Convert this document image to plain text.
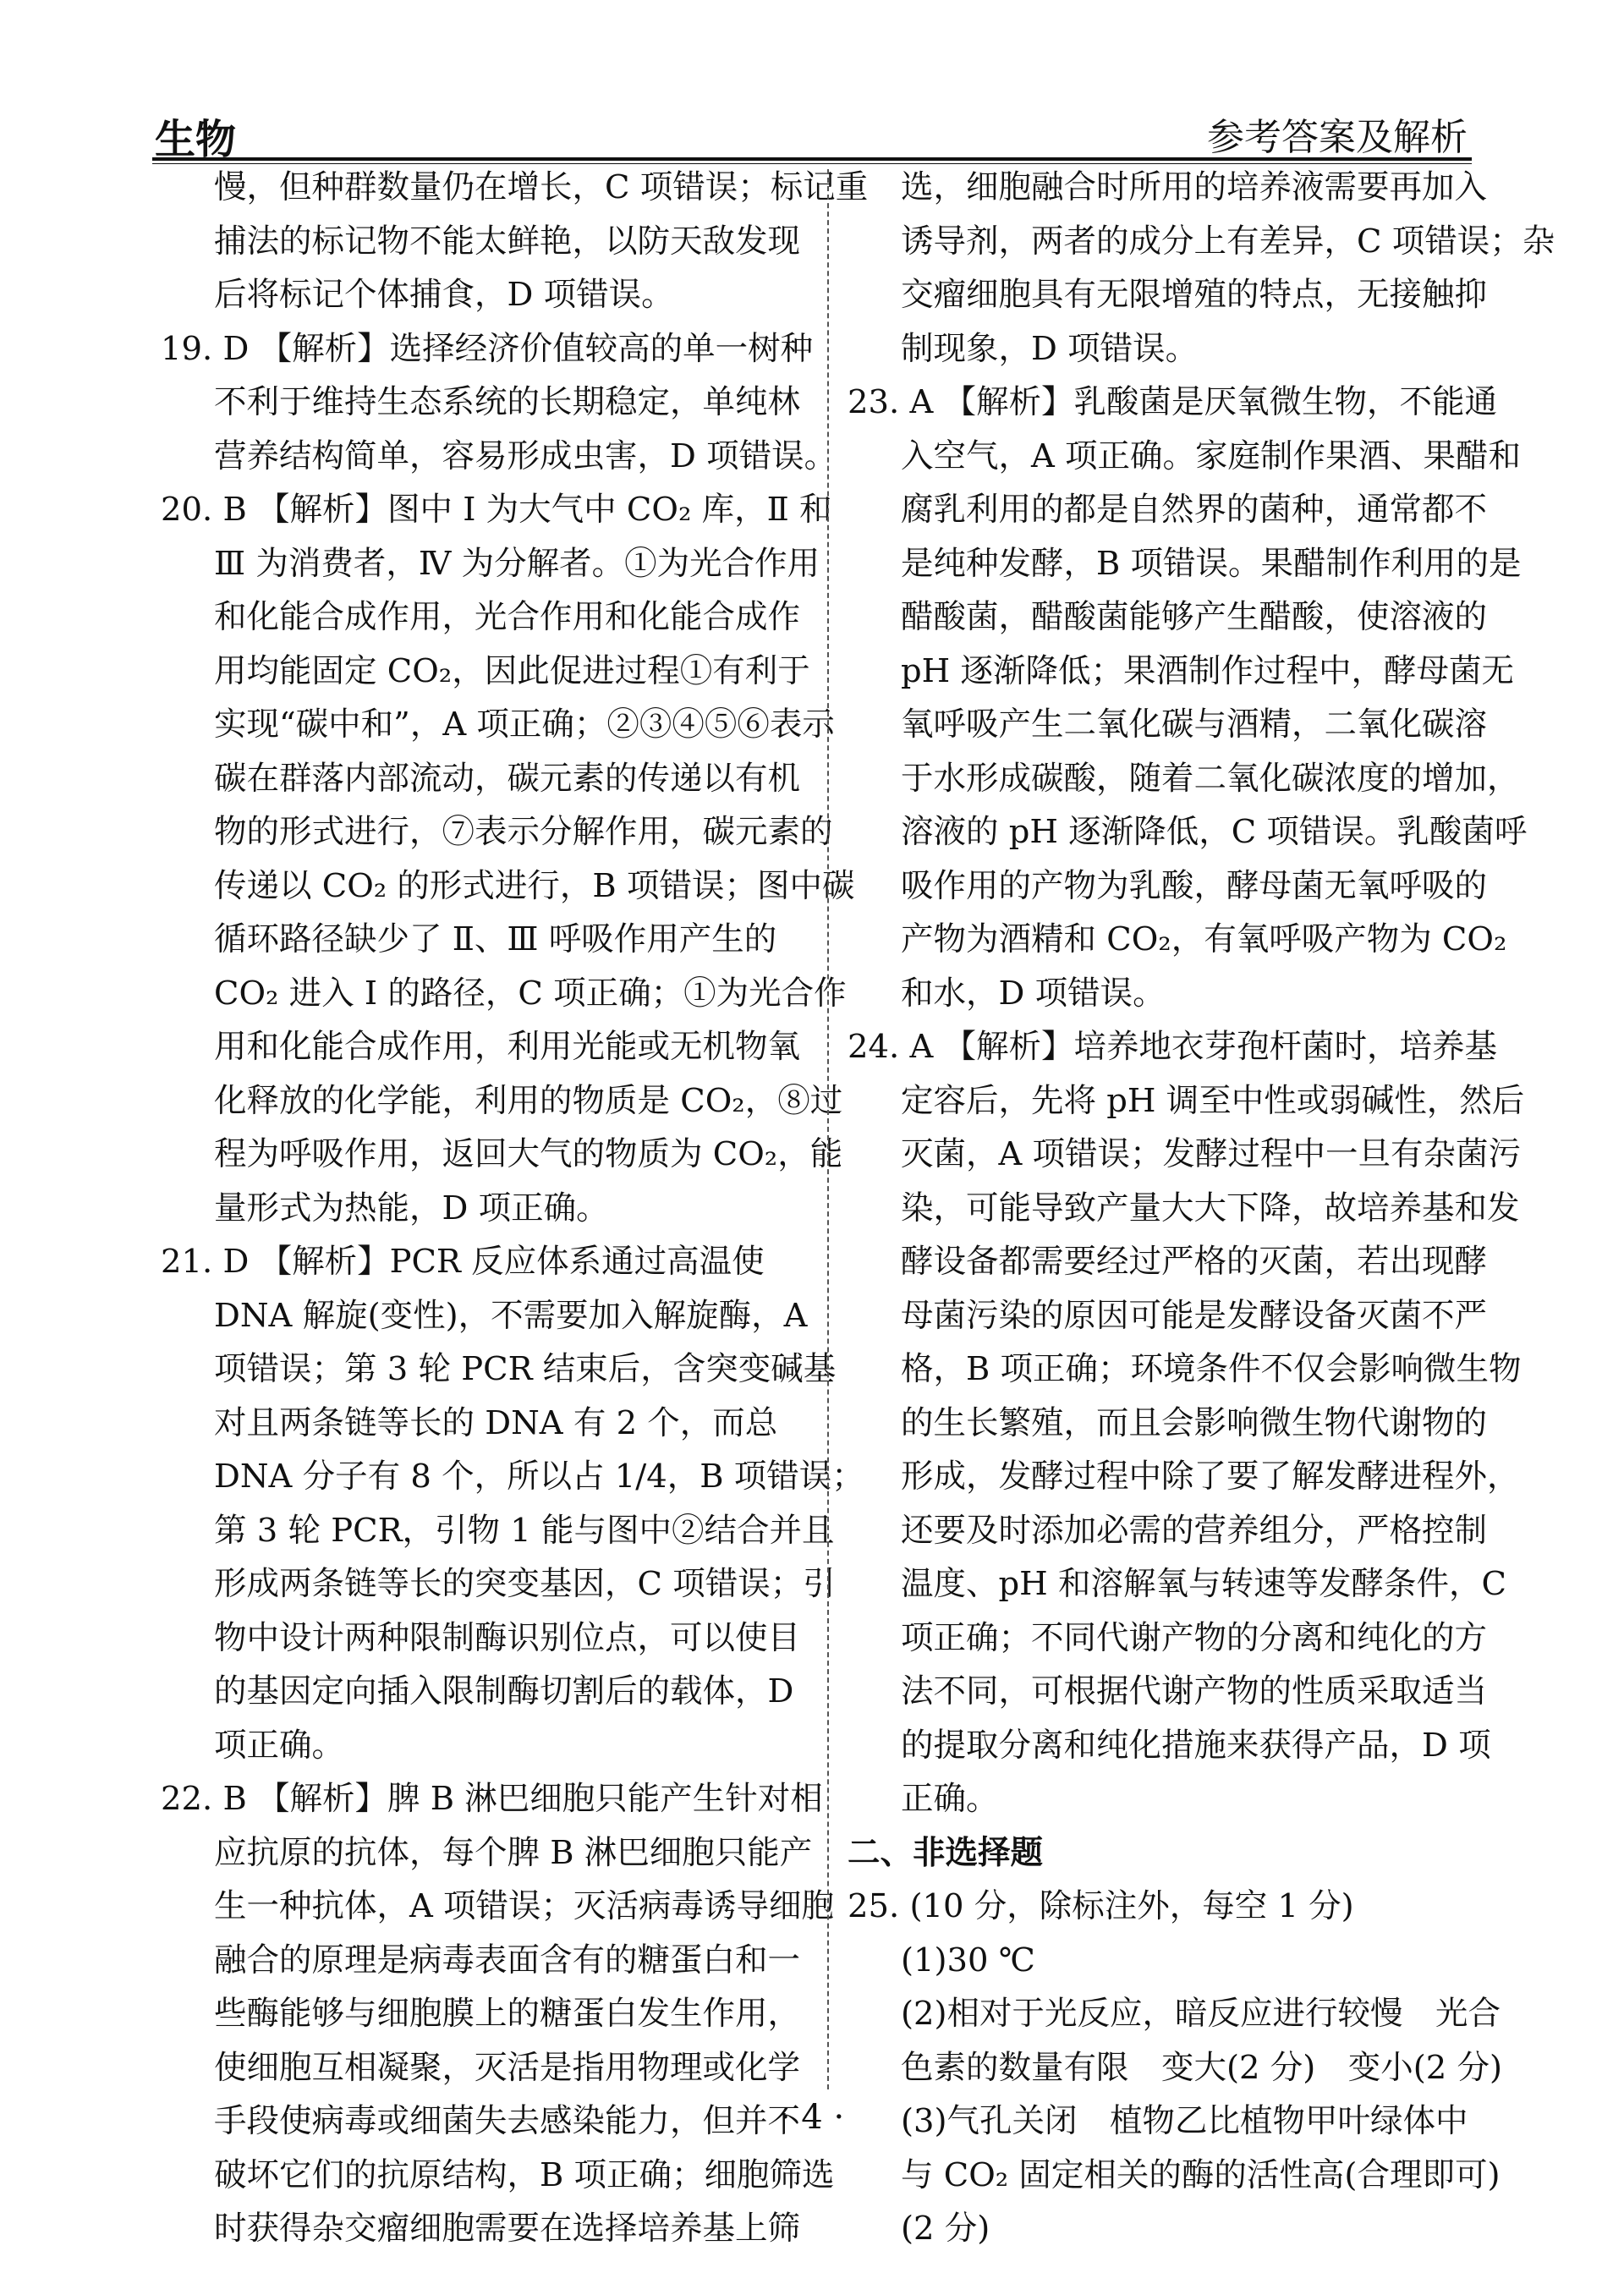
生物	参考答案及解析
慢，但种群数量仍在增长，C 项错误；标记重
捕法的标记物不能太鲜艳，以防天敌发现
后将标记个体捕食，D 项错误。
19. D 【解析】选择经济价值较高的单一树种
不利于维持生态系统的长期稳定，单纯林
营养结构简单，容易形成虫害，D 项错误。
20. B 【解析】图中 Ⅰ 为大气中 CO₂ 库，Ⅱ 和
Ⅲ 为消费者，Ⅳ 为分解者。①为光合作用
和化能合成作用，光合作用和化能合成作
用均能固定 CO₂，因此促进过程①有利于
实现“碳中和”，A 项正确；②③④⑤⑥表示
碳在群落内部流动，碳元素的传递以有机
物的形式进行，⑦表示分解作用，碳元素的
传递以 CO₂ 的形式进行，B 项错误；图中碳
循环路径缺少了 Ⅱ、Ⅲ 呼吸作用产生的
CO₂ 进入 Ⅰ 的路径，C 项正确；①为光合作
用和化能合成作用，利用光能或无机物氧
化释放的化学能，利用的物质是 CO₂，⑧过
程为呼吸作用，返回大气的物质为 CO₂，能
量形式为热能，D 项正确。
21. D 【解析】PCR 反应体系通过高温使
DNA 解旋(变性)，不需要加入解旋酶，A
项错误；第 3 轮 PCR 结束后，含突变碱基
对且两条链等长的 DNA 有 2 个，而总
DNA 分子有 8 个，所以占 1/4，B 项错误；
第 3 轮 PCR，引物 1 能与图中②结合并且
形成两条链等长的突变基因，C 项错误；引
物中设计两种限制酶识别位点，可以使目
的基因定向插入限制酶切割后的载体，D
项正确。
22. B 【解析】脾 B 淋巴细胞只能产生针对相
应抗原的抗体，每个脾 B 淋巴细胞只能产
生一种抗体，A 项错误；灭活病毒诱导细胞
融合的原理是病毒表面含有的糖蛋白和一
些酶能够与细胞膜上的糖蛋白发生作用，
使细胞互相凝聚，灭活是指用物理或化学
手段使病毒或细菌失去感染能力，但并不
破坏它们的抗原结构，B 项正确；细胞筛选
时获得杂交瘤细胞需要在选择培养基上筛
选，细胞融合时所用的培养液需要再加入
诱导剂，两者的成分上有差异，C 项错误；杂
交瘤细胞具有无限增殖的特点，无接触抑
制现象，D 项错误。
23. A 【解析】乳酸菌是厌氧微生物，不能通
入空气，A 项正确。家庭制作果酒、果醋和
腐乳利用的都是自然界的菌种，通常都不
是纯种发酵，B 项错误。果醋制作利用的是
醋酸菌，醋酸菌能够产生醋酸，使溶液的
pH 逐渐降低；果酒制作过程中，酵母菌无
氧呼吸产生二氧化碳与酒精，二氧化碳溶
于水形成碳酸，随着二氧化碳浓度的增加，
溶液的 pH 逐渐降低，C 项错误。乳酸菌呼
吸作用的产物为乳酸，酵母菌无氧呼吸的
产物为酒精和 CO₂，有氧呼吸产物为 CO₂
和水，D 项错误。
24. A 【解析】培养地衣芽孢杆菌时，培养基
定容后，先将 pH 调至中性或弱碱性，然后
灭菌，A 项错误；发酵过程中一旦有杂菌污
染，可能导致产量大大下降，故培养基和发
酵设备都需要经过严格的灭菌，若出现酵
母菌污染的原因可能是发酵设备灭菌不严
格，B 项正确；环境条件不仅会影响微生物
的生长繁殖，而且会影响微生物代谢物的
形成，发酵过程中除了要了解发酵进程外，
还要及时添加必需的营养组分，严格控制
温度、pH 和溶解氧与转速等发酵条件，C
项正确；不同代谢产物的分离和纯化的方
法不同，可根据代谢产物的性质采取适当
的提取分离和纯化措施来获得产品，D 项
正确。
二、非选择题
25. (10 分，除标注外，每空 1 分)
(1)30 ℃
(2)相对于光反应，暗反应进行较慢　光合
色素的数量有限　变大(2 分)　变小(2 分)
(3)气孔关闭　植物乙比植物甲叶绿体中
与 CO₂ 固定相关的酶的活性高(合理即可)
(2 分)
· 4 ·
